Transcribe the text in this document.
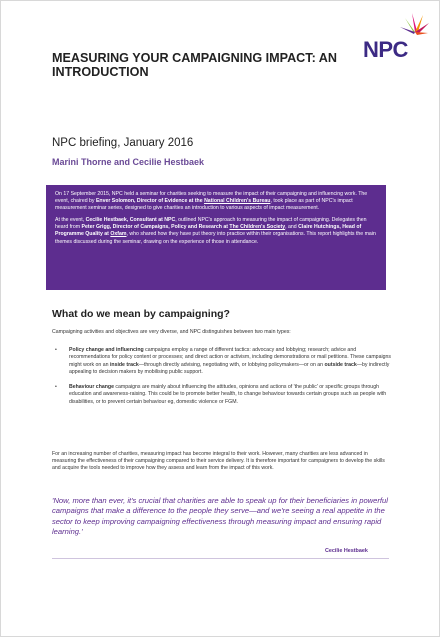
NPC
MEASURING YOUR CAMPAIGNING IMPACT: AN INTRODUCTION

NPC briefing, January 2016

Marini Thorne and Cecilie Hestbaek

On 17 September 2015, NPC held a seminar for charities seeking to measure the impact of their campaigning and influencing work. The event, chaired by Enver Solomon, Director of Evidence at the National Children's Bureau, took place as part of NPC's impact measurement seminar series, designed to give charities an introduction to various aspects of impact measurement.

At the event, Cecilie Hestbaek, Consultant at NPC, outlined NPC's approach to measuring the impact of campaigning. Delegates then heard from Peter Grigg, Director of Campaigns, Policy and Research at The Children's Society, and Claire Hutchings, Head of Programme Quality at Oxfam, who shared how they have put theory into practice within their organisations. This report highlights the main themes discussed during the seminar, drawing on the experience of those in attendance.

What do we mean by campaigning?

Campaigning activities and objectives are very diverse, and NPC distinguishes between two main types:

• Policy change and influencing campaigns employ a range of different tactics: advocacy and lobbying; research; advice and recommendations for policy content or processes; and direct action or activism, including demonstrations or mail petitions. These campaigns might work on an inside track—through directly advising, negotiating with, or lobbying policymakers—or on an outside track—by indirectly appealing to decision makers by mobilising public support.
• Behaviour change campaigns are mainly about influencing the attitudes, opinions and actions of 'the public' or specific groups through education and awareness-raising. This could be to promote better health, to change behaviour towards certain groups such as people with disabilities, or to prevent certain behaviour eg, domestic violence or FGM.

For an increasing number of charities, measuring impact has become integral to their work. However, many charities are less advanced in measuring the effectiveness of their campaigning compared to their service delivery. It is therefore important for campaigners to develop the skills and acquire the tools needed to improve how they assess and learn from the impact of this work.

'Now, more than ever, it's crucial that charities are able to speak up for their beneficiaries in powerful campaigns that make a difference to the people they serve—and we're seeing a real appetite in the sector to keep improving campaigning effectiveness through measuring impact and ensuring rapid learning.'

Cecilie Hestbaek
